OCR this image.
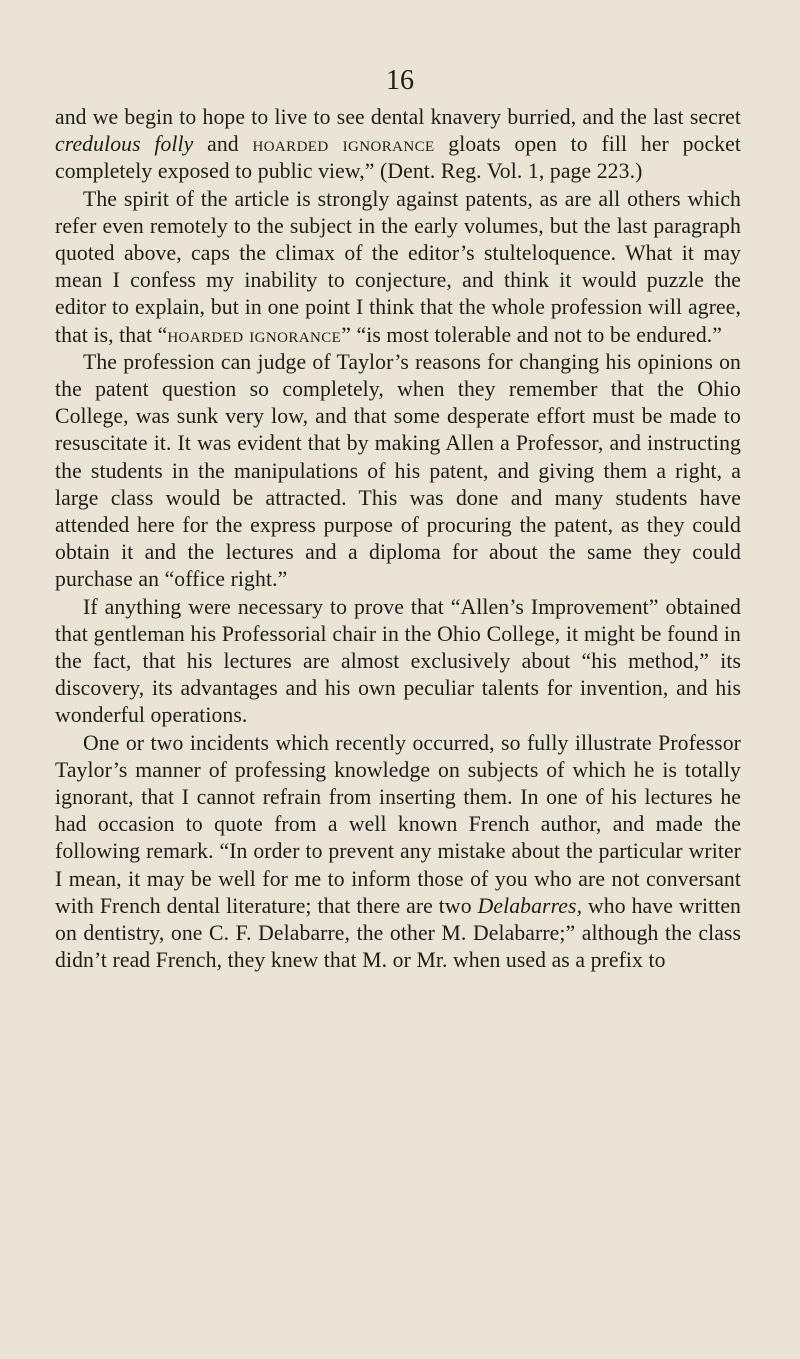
16

and we begin to hope to live to see dental knavery burried, and the last secret credulous folly and hoarded ignorance gloats open to fill her pocket completely exposed to public view,” (Dent. Reg. Vol. 1, page 223.)

The spirit of the article is strongly against patents, as are all others which refer even remotely to the subject in the early volumes, but the last paragraph quoted above, caps the climax of the editor’s stulteloquence. What it may mean I confess my inability to conjecture, and think it would puzzle the editor to explain, but in one point I think that the whole profession will agree, that is, that “hoarded ignorance” “is most tolerable and not to be endured.”

The profession can judge of Taylor’s reasons for changing his opinions on the patent question so completely, when they remember that the Ohio College, was sunk very low, and that some desperate effort must be made to resuscitate it. It was evident that by making Allen a Professor, and instructing the students in the manipulations of his patent, and giving them a right, a large class would be attracted. This was done and many students have attended here for the express purpose of procuring the patent, as they could obtain it and the lectures and a diploma for about the same they could purchase an “office right.”

If anything were necessary to prove that “Allen’s Improvement” obtained that gentleman his Professorial chair in the Ohio College, it might be found in the fact, that his lectures are almost exclusively about “his method,” its discovery, its advantages and his own peculiar talents for invention, and his wonderful operations.

One or two incidents which recently occurred, so fully illustrate Professor Taylor’s manner of professing knowledge on subjects of which he is totally ignorant, that I cannot refrain from inserting them. In one of his lectures he had occasion to quote from a well known French author, and made the following remark. “In order to prevent any mistake about the particular writer I mean, it may be well for me to inform those of you who are not conversant with French dental literature; that there are two Delabarres, who have written on dentistry, one C. F. Delabarre, the other M. Delabarre;” although the class didn’t read French, they knew that M. or Mr. when used as a prefix to
